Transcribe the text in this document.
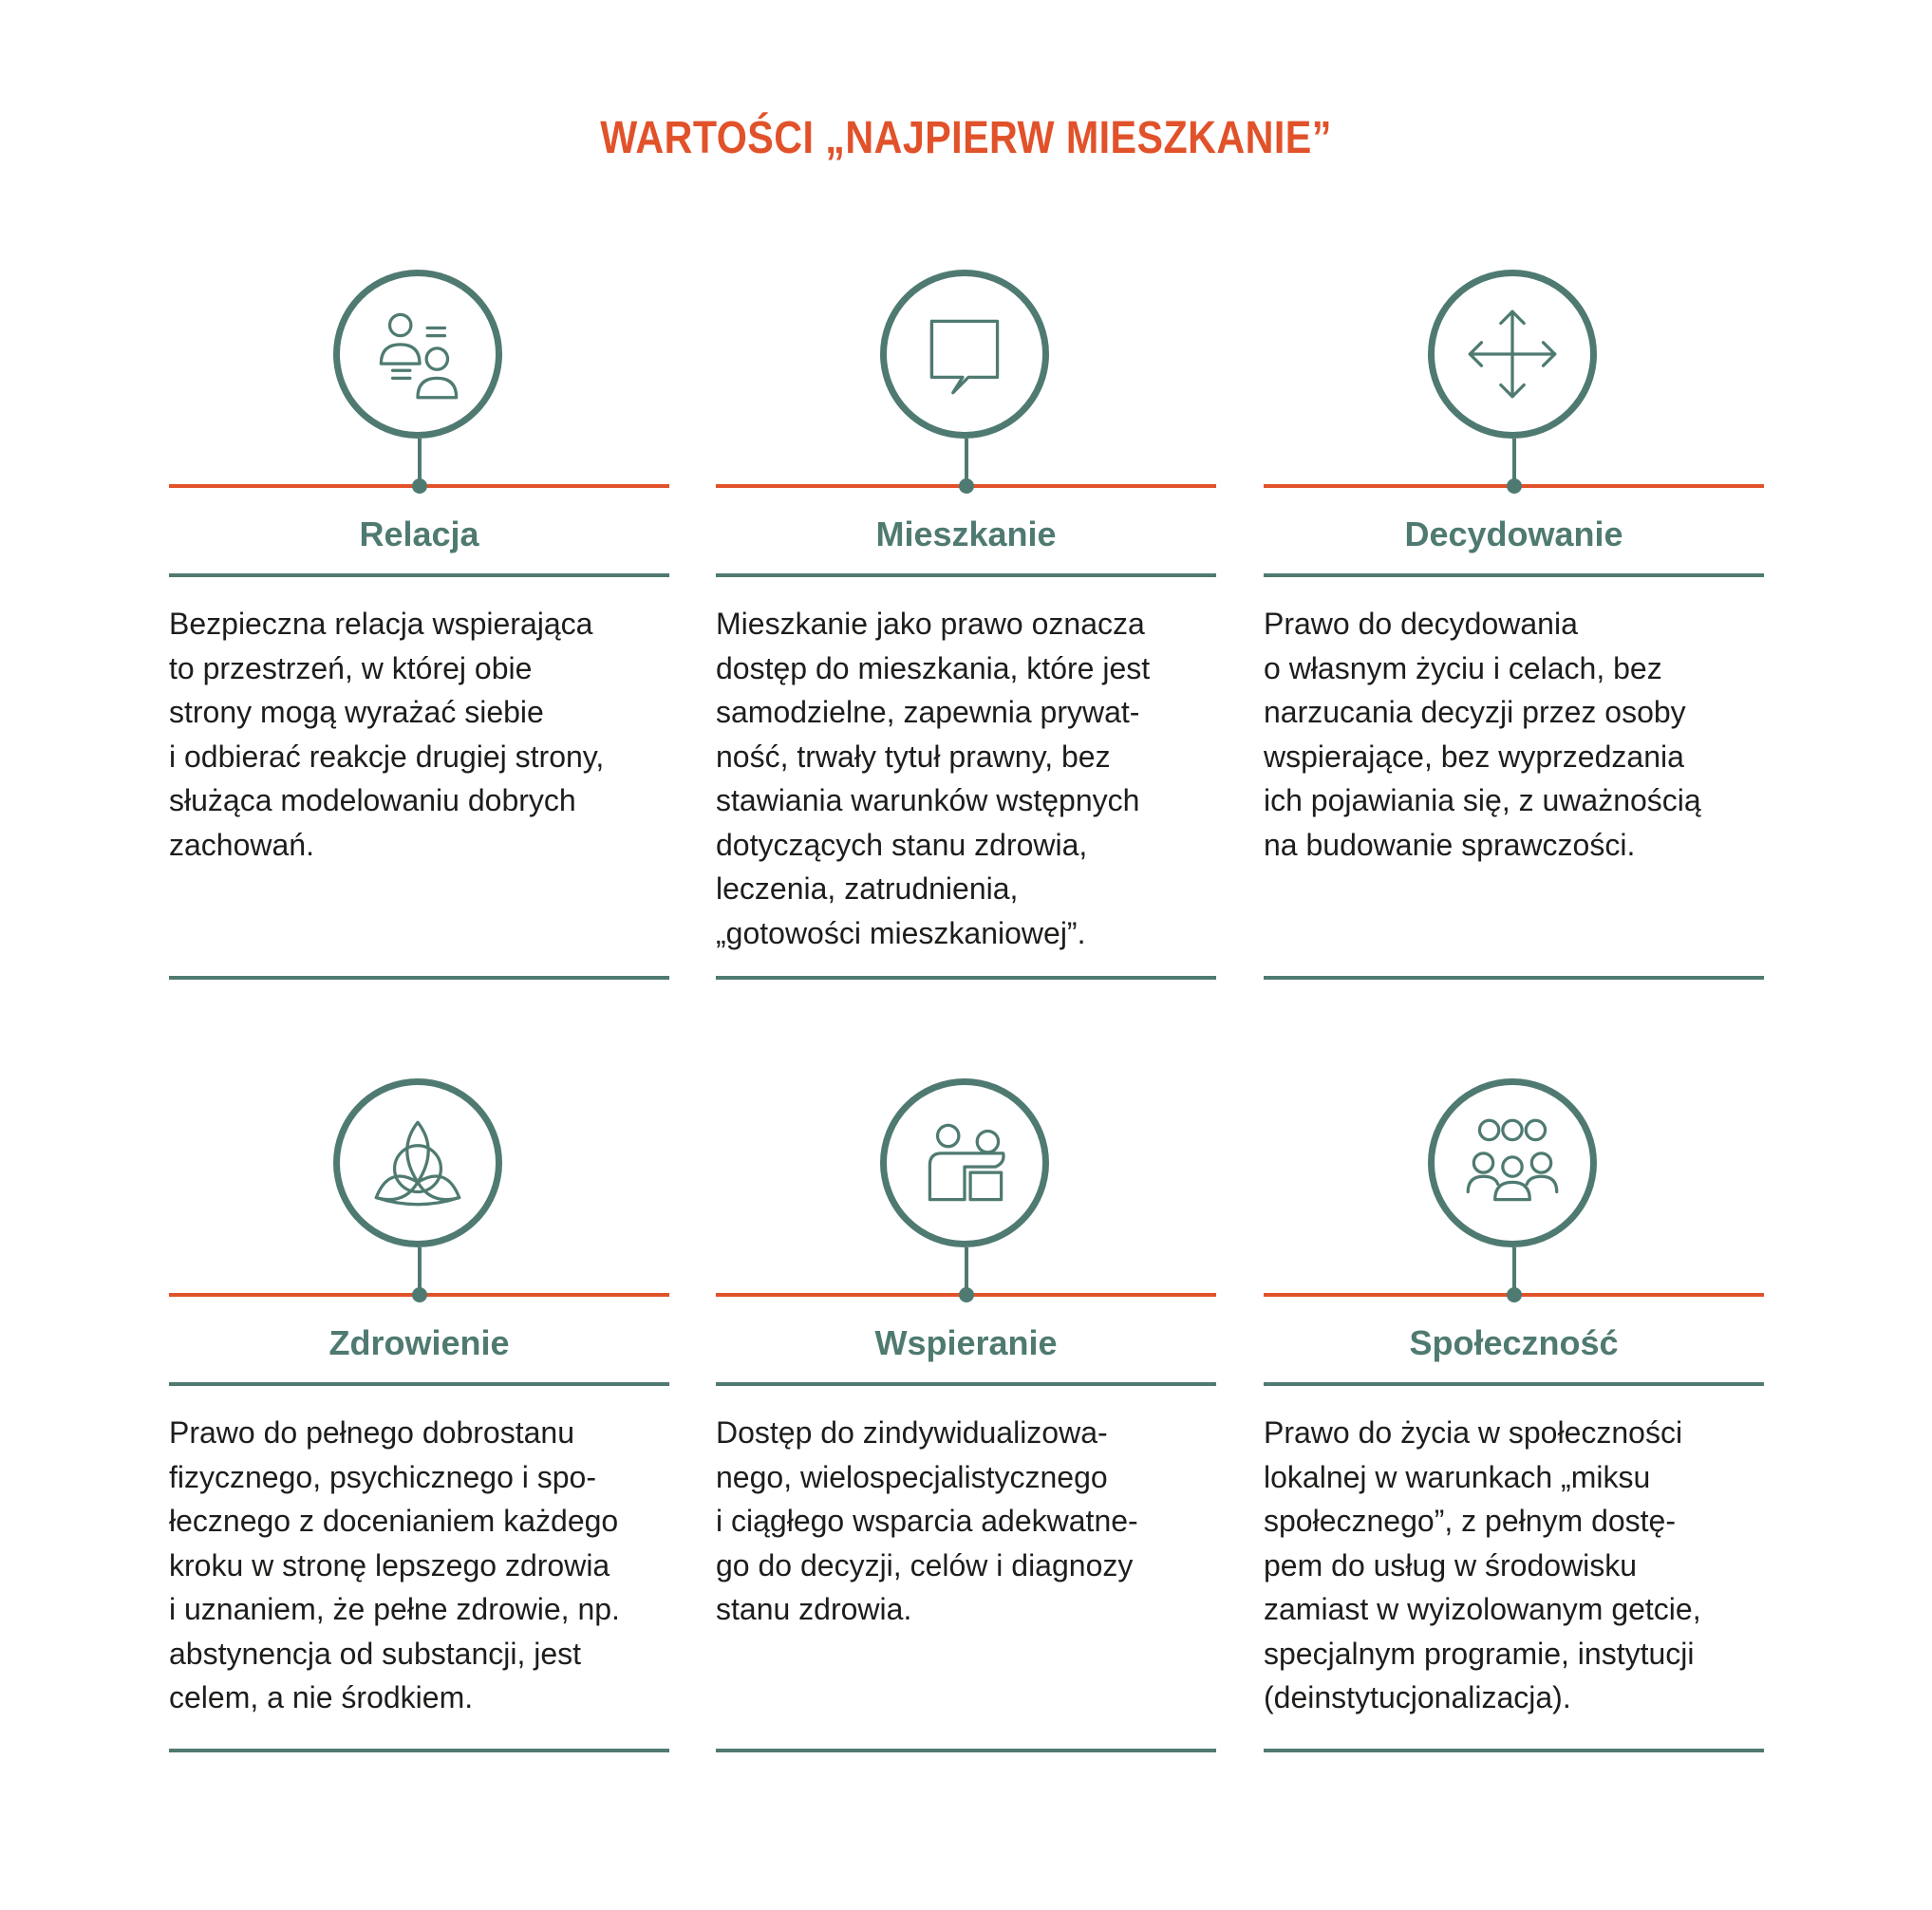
WARTOŚCI „NAJPIERW MIESZKANIE”
Relacja
Bezpieczna relacja wspierająca
to przestrzeń, w której obie
strony mogą wyrażać siebie
i odbierać reakcje drugiej strony,
służąca modelowaniu dobrych
zachowań.
Mieszkanie
Mieszkanie jako prawo oznacza
dostęp do mieszkania, które jest
samodzielne, zapewnia prywat-
ność, trwały tytuł prawny, bez
stawiania warunków wstępnych
dotyczących stanu zdrowia,
leczenia, zatrudnienia,
„gotowości mieszkaniowej”.
Decydowanie
Prawo do decydowania
o własnym życiu i celach, bez
narzucania decyzji przez osoby
wspierające, bez wyprzedzania
ich pojawiania się, z uważnością
na budowanie sprawczości.
Zdrowienie
Prawo do pełnego dobrostanu
fizycznego, psychicznego i spo-
łecznego z docenianiem każdego
kroku w stronę lepszego zdrowia
i uznaniem, że pełne zdrowie, np.
abstynencja od substancji, jest
celem, a nie środkiem.
Wspieranie
Dostęp do zindywidualizowa-
nego, wielospecjalistycznego
i ciągłego wsparcia adekwatne-
go do decyzji, celów i diagnozy
stanu zdrowia.
Społeczność
Prawo do życia w społeczności
lokalnej w warunkach „miksu
społecznego”, z pełnym dostę-
pem do usług w środowisku
zamiast w wyizolowanym getcie,
specjalnym programie, instytucji
(deinstytucjonalizacja).
